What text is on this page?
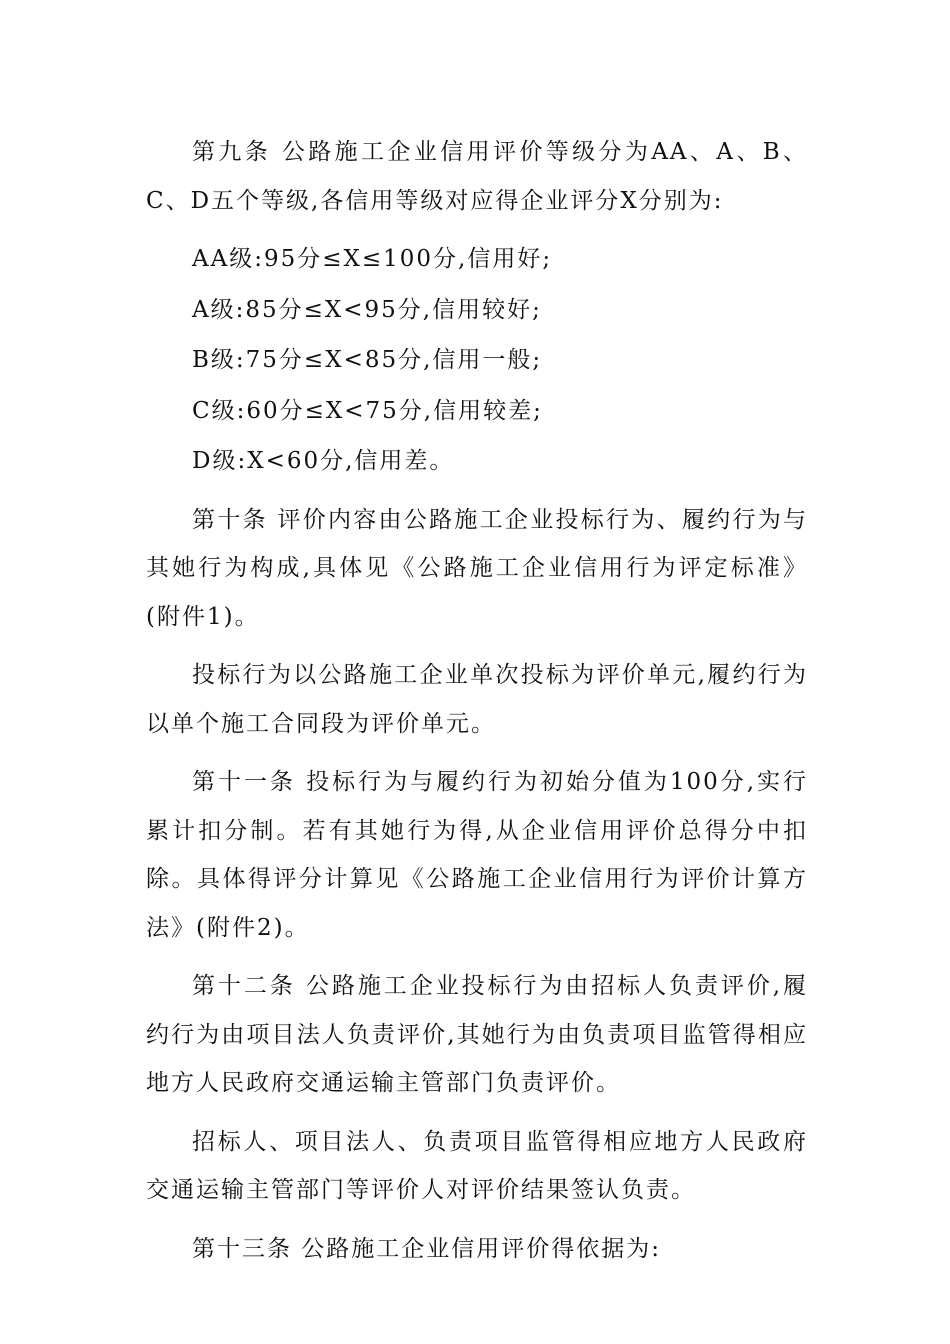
第九条 公路施工企业信用评价等级分为AA、A、B、C、D五个等级,各信用等级对应得企业评分X分别为:

AA级:95分≤X≤100分,信用好;

A级:85分≤X<95分,信用较好;

B级:75分≤X<85分,信用一般;

C级:60分≤X<75分,信用较差;

D级:X<60分,信用差。

第十条 评价内容由公路施工企业投标行为、履约行为与其她行为构成,具体见《公路施工企业信用行为评定标准》(附件1)。

投标行为以公路施工企业单次投标为评价单元,履约行为以单个施工合同段为评价单元。

第十一条 投标行为与履约行为初始分值为100分,实行累计扣分制。若有其她行为得,从企业信用评价总得分中扣除。具体得评分计算见《公路施工企业信用行为评价计算方法》(附件2)。

第十二条 公路施工企业投标行为由招标人负责评价,履约行为由项目法人负责评价,其她行为由负责项目监管得相应地方人民政府交通运输主管部门负责评价。

招标人、项目法人、负责项目监管得相应地方人民政府交通运输主管部门等评价人对评价结果签认负责。

第十三条 公路施工企业信用评价得依据为:
